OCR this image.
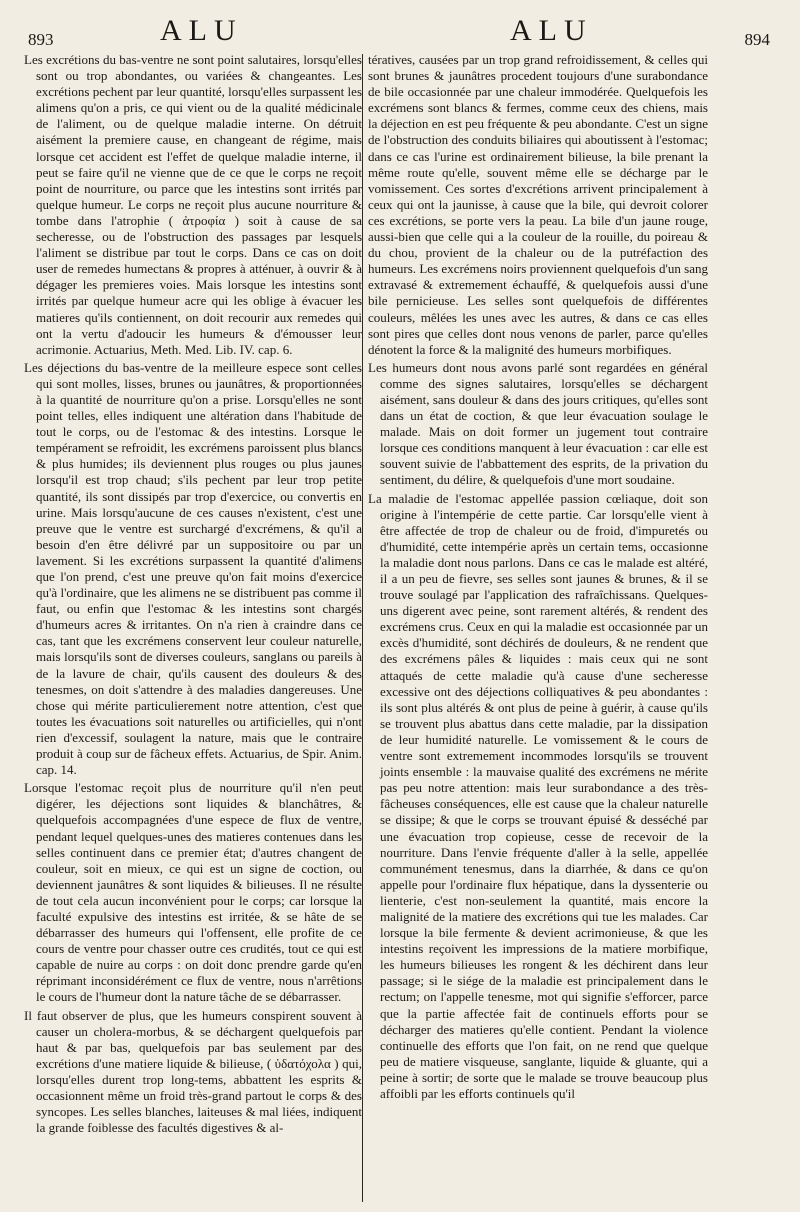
893	ALU	ALU	894

Les excrétions du bas-ventre ne sont point salutaires, lorsqu'elles sont ou trop abondantes, ou variées & changeantes. Les excrétions pechent par leur quantité, lorsqu'elles surpassent les alimens qu'on a pris, ce qui vient ou de la qualité médicinale de l'aliment, ou de quelque maladie interne. On détruit aisément la premiere cause, en changeant de régime, mais lorsque cet accident est l'effet de quelque maladie interne, il peut se faire qu'il ne vienne que de ce que le corps ne reçoit point de nourriture, ou parce que les intestins sont irrités par quelque humeur. Le corps ne reçoit plus aucune nourriture & tombe dans l'atrophie ( ἀτροφία ) soit à cause de sa secheresse, ou de l'obstruction des passages par lesquels l'aliment se distribue par tout le corps. Dans ce cas on doit user de remedes humectans & propres à atténuer, à ouvrir & à dégager les premieres voies. Mais lorsque les intestins sont irrités par quelque humeur acre qui les oblige à évacuer les matieres qu'ils contiennent, on doit recourir aux remedes qui ont la vertu d'adoucir les humeurs & d'émousser leur acrimonie. Actuarius, Meth. Med. Lib. IV. cap. 6.

Les déjections du bas-ventre de la meilleure espece sont celles qui sont molles, lisses, brunes ou jaunâtres, & proportionnées à la quantité de nourriture qu'on a prise. Lorsqu'elles ne sont point telles, elles indiquent une altération dans l'habitude de tout le corps, ou de l'estomac & des intestins. Lorsque le tempérament se refroidit, les excrémens paroissent plus blancs & plus humides; ils deviennent plus rouges ou plus jaunes lorsqu'il est trop chaud; s'ils pechent par leur trop petite quantité, ils sont dissipés par trop d'exercice, ou convertis en urine. Mais lorsqu'aucune de ces causes n'existent, c'est une preuve que le ventre est surchargé d'excrémens, & qu'il a besoin d'en être délivré par un suppositoire ou par un lavement. Si les excrétions surpassent la quantité d'alimens que l'on prend, c'est une preuve qu'on fait moins d'exercice qu'à l'ordinaire, que les alimens ne se distribuent pas comme il faut, ou enfin que l'estomac & les intestins sont chargés d'humeurs acres & irritantes. On n'a rien à craindre dans ce cas, tant que les excrémens conservent leur couleur naturelle, mais lorsqu'ils sont de diverses couleurs, sanglans ou pareils à de la lavure de chair, qu'ils causent des douleurs & des tenesmes, on doit s'attendre à des maladies dangereuses. Une chose qui mérite particulierement notre attention, c'est que toutes les évacuations soit naturelles ou artificielles, qui n'ont rien d'excessif, soulagent la nature, mais que le contraire produit à coup sur de fâcheux effets. Actuarius, de Spir. Anim. cap. 14.

Lorsque l'estomac reçoit plus de nourriture qu'il n'en peut digérer, les déjections sont liquides & blanchâtres, & quelquefois accompagnées d'une espece de flux de ventre, pendant lequel quelques-unes des matieres contenues dans les selles continuent dans ce premier état; d'autres changent de couleur, soit en mieux, ce qui est un signe de coction, ou deviennent jaunâtres & sont liquides & bilieuses. Il ne résulte de tout cela aucun inconvénient pour le corps; car lorsque la faculté expulsive des intestins est irritée, & se hâte de se débarrasser des humeurs qui l'offensent, elle profite de ce cours de ventre pour chasser outre ces crudités, tout ce qui est capable de nuire au corps : on doit donc prendre garde qu'en réprimant inconsidérément ce flux de ventre, nous n'arrêtions le cours de l'humeur dont la nature tâche de se débarrasser.

Il faut observer de plus, que les humeurs conspirent souvent à causer un cholera-morbus, & se déchargent quelquefois par haut & par bas, quelquefois par bas seulement par des excrétions d'une matiere liquide & bilieuse, ( ὑδατόχολα ) qui, lorsqu'elles durent trop long-tems, abbattent les esprits & occasionnent même un froid très-grand partout le corps & des syncopes. Les selles blanches, laiteuses & mal liées, indiquent la grande foiblesse des facultés digestives & al-

tératives, causées par un trop grand refroidissement, & celles qui sont brunes & jaunâtres procedent toujours d'une surabondance de bile occasionnée par une chaleur immodérée. Quelquefois les excrémens sont blancs & fermes, comme ceux des chiens, mais la déjection en est peu fréquente & peu abondante. C'est un signe de l'obstruction des conduits biliaires qui aboutissent à l'estomac; dans ce cas l'urine est ordinairement bilieuse, la bile prenant la même route qu'elle, souvent même elle se décharge par le vomissement. Ces sortes d'excrétions arrivent principalement à ceux qui ont la jaunisse, à cause que la bile, qui devroit colorer ces excrétions, se porte vers la peau. La bile d'un jaune rouge, aussi-bien que celle qui a la couleur de la rouille, du poireau & du chou, provient de la chaleur ou de la putréfaction des humeurs. Les excrémens noirs proviennent quelquefois d'un sang extravasé & extremement échauffé, & quelquefois aussi d'une bile pernicieuse. Les selles sont quelquefois de différentes couleurs, mêlées les unes avec les autres, & dans ce cas elles sont pires que celles dont nous venons de parler, parce qu'elles dénotent la force & la malignité des humeurs morbifiques.

Les humeurs dont nous avons parlé sont regardées en général comme des signes salutaires, lorsqu'elles se déchargent aisément, sans douleur & dans des jours critiques, qu'elles sont dans un état de coction, & que leur évacuation soulage le malade. Mais on doit former un jugement tout contraire lorsque ces conditions manquent à leur évacuation : car elle est souvent suivie de l'abbattement des esprits, de la privation du sentiment, du délire, & quelquefois d'une mort soudaine.

La maladie de l'estomac appellée passion cœliaque, doit son origine à l'intempérie de cette partie. Car lorsqu'elle vient à être affectée de trop de chaleur ou de froid, d'impuretés ou d'humidité, cette intempérie après un certain tems, occasionne la maladie dont nous parlons. Dans ce cas le malade est altéré, il a un peu de fievre, ses selles sont jaunes & brunes, & il se trouve soulagé par l'application des rafraîchissans. Quelques-uns digerent avec peine, sont rarement altérés, & rendent des excrémens crus. Ceux en qui la maladie est occasionnée par un excès d'humidité, sont déchirés de douleurs, & ne rendent que des excrémens pâles & liquides : mais ceux qui ne sont attaqués de cette maladie qu'à cause d'une secheresse excessive ont des déjections colliquatives & peu abondantes : ils sont plus altérés & ont plus de peine à guérir, à cause qu'ils se trouvent plus abattus dans cette maladie, par la dissipation de leur humidité naturelle. Le vomissement & le cours de ventre sont extremement incommodes lorsqu'ils se trouvent joints ensemble : la mauvaise qualité des excrémens ne mérite pas peu notre attention: mais leur surabondance a des très-fâcheuses conséquences, elle est cause que la chaleur naturelle se dissipe; & que le corps se trouvant épuisé & desséché par une évacuation trop copieuse, cesse de recevoir de la nourriture. Dans l'envie fréquente d'aller à la selle, appellée communément tenesmus, dans la diarrhée, & dans ce qu'on appelle pour l'ordinaire flux hépatique, dans la dyssenterie ou lienterie, c'est non-seulement la quantité, mais encore la malignité de la matiere des excrétions qui tue les malades. Car lorsque la bile fermente & devient acrimonieuse, & que les intestins reçoivent les impressions de la matiere morbifique, les humeurs bilieuses les rongent & les déchirent dans leur passage; si le siége de la maladie est principalement dans le rectum; on l'appelle tenesme, mot qui signifie s'efforcer, parce que la partie affectée fait de continuels efforts pour se décharger des matieres qu'elle contient. Pendant la violence continuelle des efforts que l'on fait, on ne rend que quelque peu de matiere visqueuse, sanglante, liquide & gluante, qui a peine à sortir; de sorte que le malade se trouve beaucoup plus affoibli par les efforts continuels qu'il
